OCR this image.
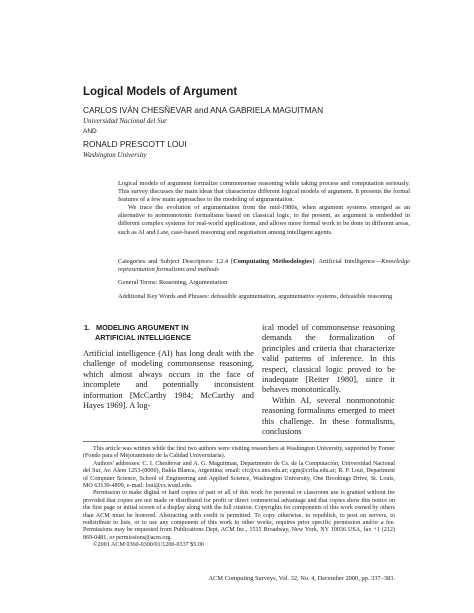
Logical Models of Argument
CARLOS IVÁN CHESÑEVAR and ANA GABRIELA MAGUITMAN
Universidad Nacional del Sur
AND
RONALD PRESCOTT LOUI
Washington University

Logical models of argument formalize commonsense reasoning while taking process and computation seriously. This survey discusses the main ideas that characterize different logical models of argument. It presents the formal features of a few main approaches to the modeling of argumentation.

We trace the evolution of argumentation from the mid-1980s, when argument systems emerged as an alternative to nonmonotonic formalisms based on classical logic, to the present, as argument is embedded in different complex systems for real-world applications, and allows more formal work to be done in different areas, such as AI and Law, case-based reasoning and negotiation among intelligent agents.

Categories and Subject Descriptors: I.2.4 [Computating Methodologies]: Artificial Intelligence—Knowledge representation formalisms and methods
General Terms: Reasoning, Argumentation
Additional Key Words and Phrases: defeasible argumentation, argumentative systems, defeasible reasoning
1. MODELING ARGUMENT IN
ARTIFICIAL INTELLIGENCE

Artificial intelligence (AI) has long dealt with the challenge of modeling commonsense reasoning, which almost always occurs in the face of incomplete and potentially inconsistent information [McCarthy 1984; McCarthy and Hayes 1969]. A log-

ical model of commonsense reasoning demands the formalization of principles and criteria that characterize valid patterns of inference. In this respect, classical logic proved to be inadequate [Reiter 1980], since it behaves monotonically.

Within AI, several nonmonotonic reasoning formalisms emerged to meet this challenge. In these formalisms, conclusions

This article was written while the first two authors were visiting researchers at Washington University, supported by Fomec (Fondo para el Mejoramiento de la Calidad Universitaria).

Authors' addresses: C. I. Chesñevar and A. G. Maguitman, Departmento de Cs. de la Computación, Universidad Nacional del Sur, Av. Alem 1253-(8000), Bahía Blanca, Argentina; email: cic@cs.uns.edu.ar; cgm@criba.edu.ar; R. P. Loui, Department of Computer Science, School of Engineering and Applied Science, Washington University, One Brookings Drive, St. Louis, MO 63130-4899, e-mail: loui@cs.wustl.edu.

Permission to make digital or hard copies of part or all of this work for personal or classroom use is granted without fee provided that copies are not made or distributed for profit or direct commercial advantage and that copies show this notice on the first page or initial screen of a display along with the full citation. Copyrights for components of this work owned by others than ACM must be honored. Abstracting with credit is permitted. To copy otherwise, to republish, to post on servers, to redistribute to lists, or to use any component of this work in other works, requires prior specific permission and/or a fee. Permissions may be requested from Publications Dept, ACM Inc., 1515 Broadway, New York, NY 10036 USA, fax +1 (212) 869-0481, or permissions@acm.org.

©2001 ACM 0360-0300/01/1200-0337 $5.00

ACM Computing Surveys, Vol. 32, No. 4, December 2000, pp. 337–383.
